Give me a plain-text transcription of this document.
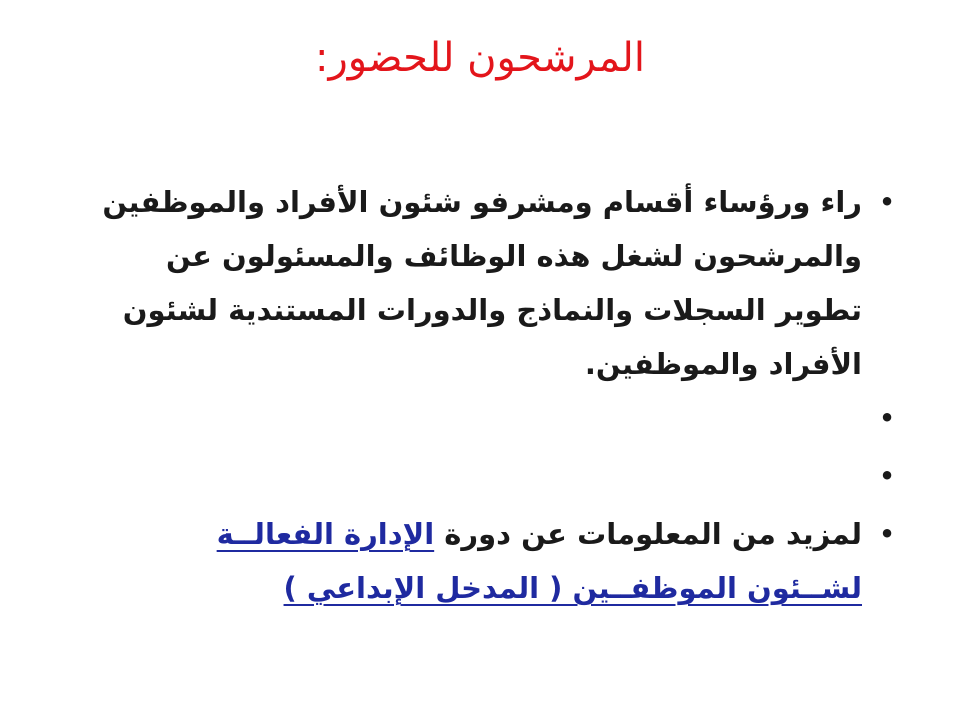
المرشحون للحضور:
•
راء ورؤساء أقسام ومشرفو شئون الأفراد والموظفين والمرشحون لشغل هذه الوظائف والمسئولون عن تطوير السجلات والنماذج والدورات المستندية لشئون الأفراد والموظفين.
•
•
•
لمزيد من المعلومات عن دورة الإدارة الفعالــة لشــئون الموظفــين ( المدخل الإبداعي )
